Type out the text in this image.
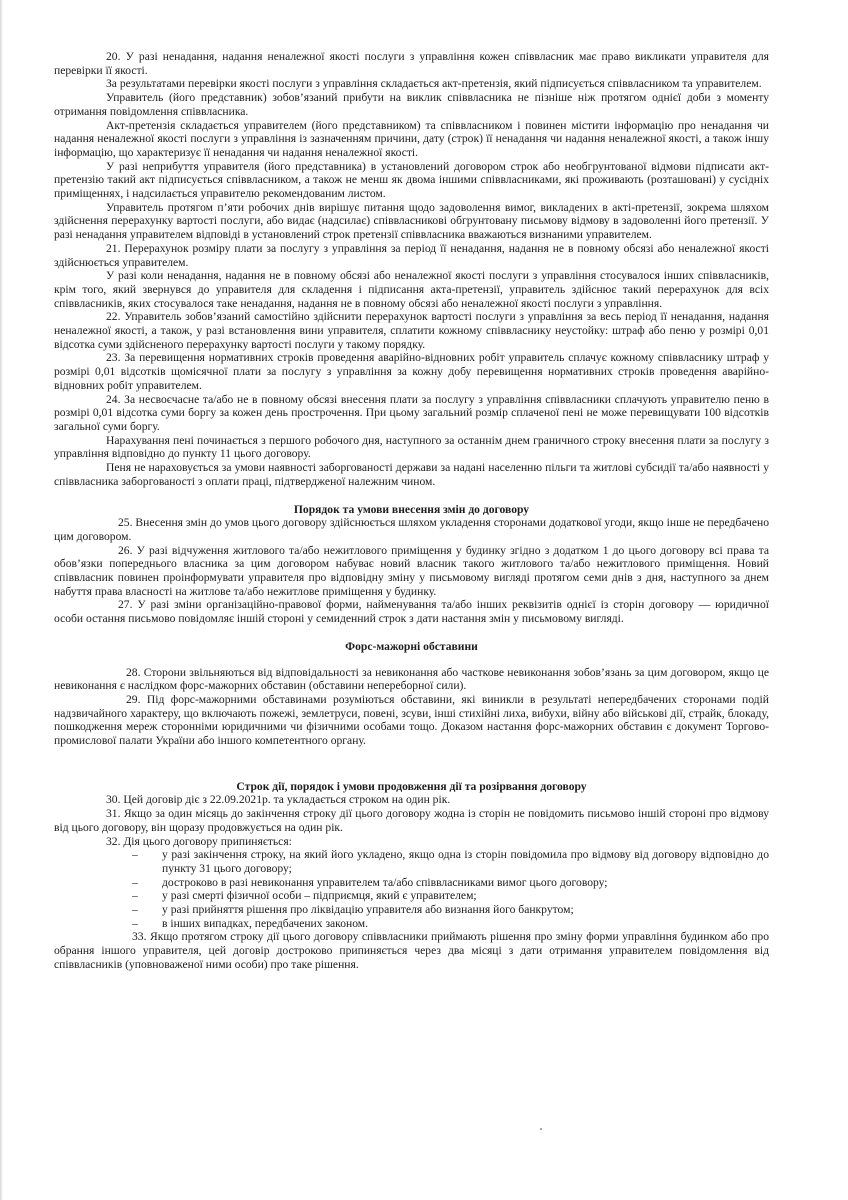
20. У разі ненадання, надання неналежної якості послуги з управління кожен співвласник має право викликати управителя для перевірки її якості.

За результатами перевірки якості послуги з управління складається акт-претензія, який підписується співвласником та управителем.

Управитель (його представник) зобов’язаний прибути на виклик співвласника не пізніше ніж протягом однієї доби з моменту отримання повідомлення співвласника.

Акт-претензія складається управителем (його представником) та співвласником і повинен містити інформацію про ненадання чи надання неналежної якості послуги з управління із зазначенням причини, дату (строк) її ненадання чи надання неналежної якості, а також іншу інформацію, що характеризує її ненадання чи надання неналежної якості.

У разі неприбуття управителя (його представника) в установлений договором строк або необгрунтованої відмови підписати акт-претензію такий акт підписується співвласником, а також не менш як двома іншими співвласниками, які проживають (розташовані) у сусідніх приміщеннях, і надсилається управителю рекомендованим листом.

Управитель протягом п’яти робочих днів вирішує питання щодо задоволення вимог, викладених в акті-претензії, зокрема шляхом здійснення перерахунку вартості послуги, або видає (надсилає) співвласникові обгрунтовану письмову відмову в задоволенні його претензії. У разі ненадання управителем відповіді в установлений строк претензії співвласника вважаються визнаними управителем.

21. Перерахунок розміру плати за послугу з управління за період її ненадання, надання не в повному обсязі або неналежної якості здійснюється управителем.

У разі коли ненадання, надання не в повному обсязі або неналежної якості послуги з управління стосувалося інших співвласників, крім того, який звернувся до управителя для складення і підписання акта-претензії, управитель здійснює такий перерахунок для всіх співвласників, яких стосувалося таке ненадання, надання не в повному обсязі або неналежної якості послуги з управління.

22. Управитель зобов’язаний самостійно здійснити перерахунок вартості послуги з управління за весь період її ненадання, надання неналежної якості, а також, у разі встановлення вини управителя, сплатити кожному співвласнику неустойку: штраф або пеню у розмірі 0,01 відсотка суми здійсненого перерахунку вартості послуги у такому порядку.

23. За перевищення нормативних строків проведення аварійно-відновних робіт управитель сплачує кожному співвласнику штраф у розмірі 0,01 відсотків щомісячної плати за послугу з управління за кожну добу перевищення нормативних строків проведення аварійно-відновних робіт управителем.

24. За несвоєчасне та/або не в повному обсязі внесення плати за послугу з управління співвласники сплачують управителю пеню в розмірі 0,01 відсотка суми боргу за кожен день прострочення. При цьому загальний розмір сплаченої пені не може перевищувати 100 відсотків загальної суми боргу.

Нарахування пені починається з першого робочого дня, наступного за останнім днем граничного строку внесення плати за послугу з управління відповідно до пункту 11 цього договору.

Пеня не нараховується за умови наявності заборгованості держави за надані населенню пільги та житлові субсидії та/або наявності у співвласника заборгованості з оплати праці, підтвердженої належним чином.

Порядок та умови внесення змін до договору

25. Внесення змін до умов цього договору здійснюється шляхом укладення сторонами додаткової угоди, якщо інше не передбачено цим договором.

26. У разі відчуження житлового та/або нежитлового приміщення у будинку згідно з додатком 1 до цього договору всі права та обов’язки попереднього власника за цим договором набуває новий власник такого житлового та/або нежитлового приміщення. Новий співвласник повинен проінформувати управителя про відповідну зміну у письмовому вигляді протягом семи днів з дня, наступного за днем набуття права власності на житлове та/або нежитлове приміщення у будинку.

27. У разі зміни організаційно-правової форми, найменування та/або інших реквізитів однієї із сторін договору — юридичної особи остання письмово повідомляє іншій стороні у семиденний строк з дати настання змін у письмовому вигляді.

Форс-мажорні обставини

28. Сторони звільняються від відповідальності за невиконання або часткове невиконання зобов’язань за цим договором, якщо це невиконання є наслідком форс-мажорних обставин (обставини непереборної сили).

29. Під форс-мажорними обставинами розуміються обставини, які виникли в результаті непередбачених сторонами подій надзвичайного характеру, що включають пожежі, землетруси, повені, зсуви, інші стихійні лиха, вибухи, війну або військові дії, страйк, блокаду, пошкодження мереж сторонніми юридичними чи фізичними особами тощо. Доказом настання форс-мажорних обставин є документ Торгово-промислової палати України або іншого компетентного органу.

Строк дії, порядок і умови продовження дії та розірвання договору

30. Цей договір діє з 22.09.2021р. та укладається строком на один рік.

31. Якщо за один місяць до закінчення строку дії цього договору жодна із сторін не повідомить письмово іншій стороні про відмову від цього договору, він щоразу продовжується на один рік.

32. Дія цього договору припиняється:

– у разі закінчення строку, на який його укладено, якщо одна із сторін повідомила про відмову від договору відповідно до пункту 31 цього договору;
– достроково в разі невиконання управителем та/або співвласниками вимог цього договору;
– у разі смерті фізичної особи – підприємця, який є управителем;
– у разі прийняття рішення про ліквідацію управителя або визнання його банкрутом;
– в інших випадках, передбачених законом.

33. Якщо протягом строку дії цього договору співвласники приймають рішення про зміну форми управління будинком або про обрання іншого управителя, цей договір достроково припиняється через два місяці з дати отримання управителем повідомлення від співвласників (уповноваженої ними особи) про таке рішення.
